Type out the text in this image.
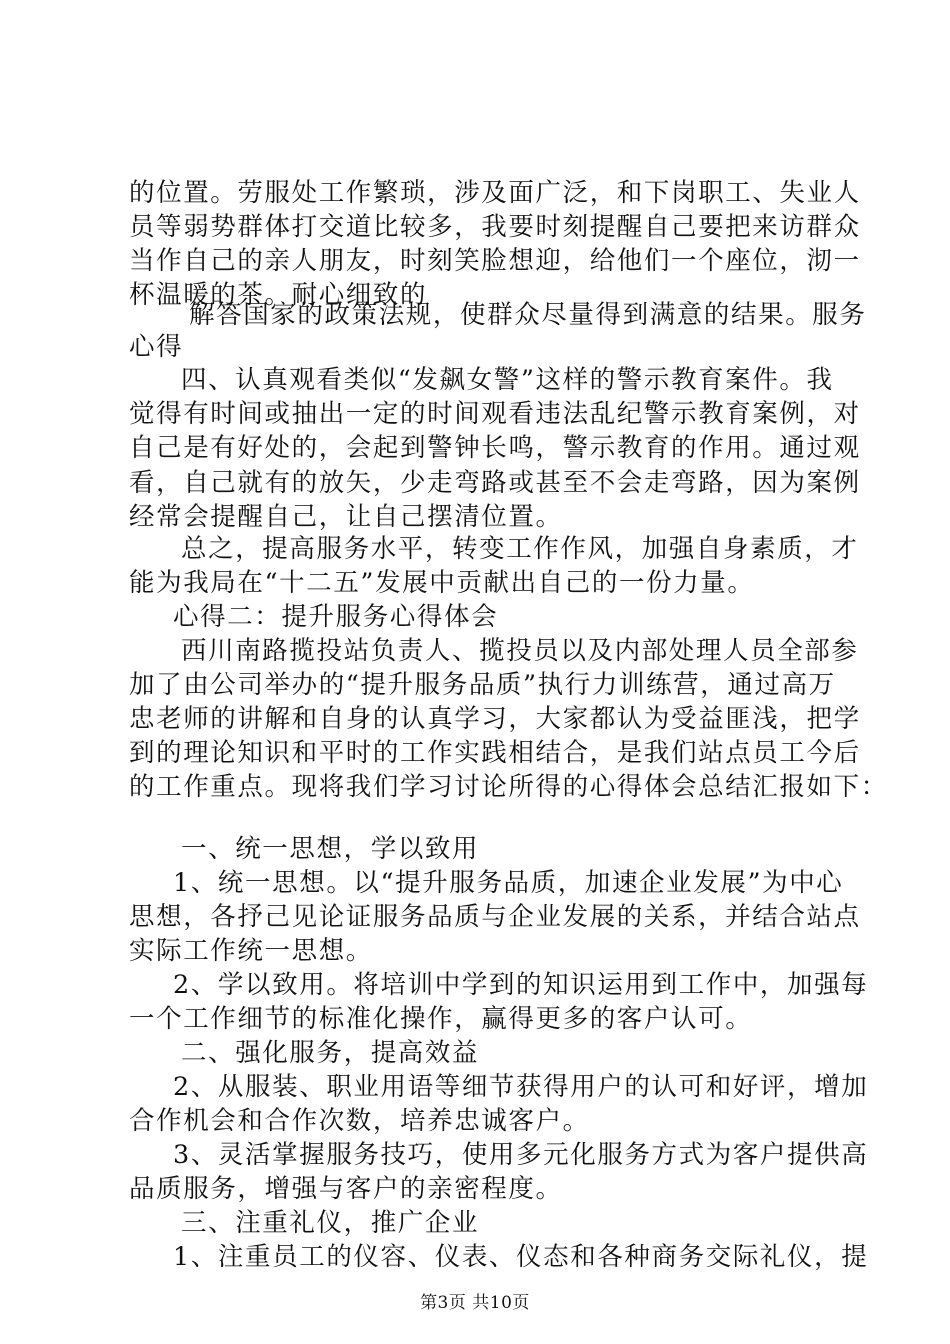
的位置。劳服处工作繁琐，涉及面广泛，和下岗职工、失业人
员等弱势群体打交道比较多，我要时刻提醒自己要把来访群众
当作自己的亲人朋友，时刻笑脸想迎，给他们一个座位，沏一
杯温暖的茶。耐心细致的
解答国家的政策法规，使群众尽量得到满意的结果。服务
心得
四、认真观看类似“发飙女警”这样的警示教育案件。我
觉得有时间或抽出一定的时间观看违法乱纪警示教育案例，对
自己是有好处的，会起到警钟长鸣，警示教育的作用。通过观
看，自己就有的放矢，少走弯路或甚至不会走弯路，因为案例
经常会提醒自己，让自己摆清位置。
总之，提高服务水平，转变工作作风，加强自身素质，才
能为我局在“十二五”发展中贡献出自己的一份力量。
心得二：提升服务心得体会
西川南路揽投站负责人、揽投员以及内部处理人员全部参
加了由公司举办的“提升服务品质”执行力训练营，通过高万
忠老师的讲解和自身的认真学习，大家都认为受益匪浅，把学
到的理论知识和平时的工作实践相结合，是我们站点员工今后
的工作重点。现将我们学习讨论所得的心得体会总结汇报如下：
一、统一思想，学以致用
1、统一思想。以“提升服务品质，加速企业发展”为中心
思想，各抒己见论证服务品质与企业发展的关系，并结合站点
实际工作统一思想。
2、学以致用。将培训中学到的知识运用到工作中，加强每
一个工作细节的标准化操作，赢得更多的客户认可。
二、强化服务，提高效益
2、从服装、职业用语等细节获得用户的认可和好评，增加
合作机会和合作次数，培养忠诚客户。
3、灵活掌握服务技巧，使用多元化服务方式为客户提供高
品质服务，增强与客户的亲密程度。
三、注重礼仪，推广企业
1、注重员工的仪容、仪表、仪态和各种商务交际礼仪，提
第3页 共10页
